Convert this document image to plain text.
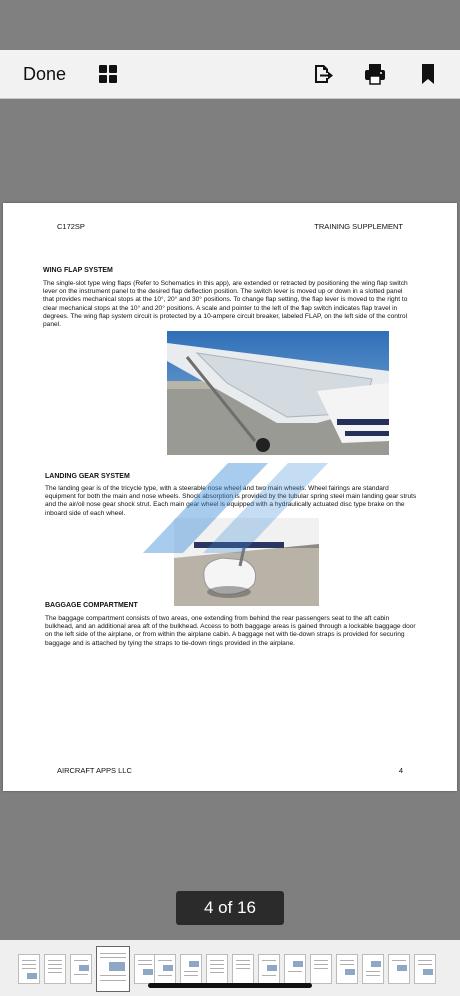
Done
C172SP	TRAINING SUPPLEMENT
WING FLAP SYSTEM
The single-slot type wing flaps (Refer to Schematics in this app), are extended or retracted by positioning the wing flap switch lever on the instrument panel to the desired flap deflection position. The switch lever is moved up or down in a slotted panel that provides mechanical stops at the 10°, 20° and 30° positions. To change flap setting, the flap lever is moved to the right to clear mechanical stops at the 10° and 20° positions. A scale and pointer to the left of the flap switch indicates flap travel in degrees. The wing flap system circuit is protected by a 10-ampere circuit breaker, labeled FLAP, on the left side of the control panel.
LANDING GEAR SYSTEM
The landing gear is of the tricycle type, with a steerable nose wheel and two main wheels. Wheel fairings are standard equipment for both the main and nose wheels. Shock absorption is provided by the tubular spring steel main landing gear struts and the air/oil nose gear shock strut. Each main gear wheel is equipped with a hydraulically actuated disc type brake on the inboard side of each wheel.
BAGGAGE COMPARTMENT
The baggage compartment consists of two areas, one extending from behind the rear passengers seat to the aft cabin bulkhead, and an additional area aft of the bulkhead. Access to both baggage areas is gained through a lockable baggage door on the left side of the airplane, or from within the airplane cabin. A baggage net with tie-down straps is provided for securing baggage and is attached by tying the straps to tie-down rings provided in the airplane.
AIRCRAFT APPS LLC	4
4 of 16
